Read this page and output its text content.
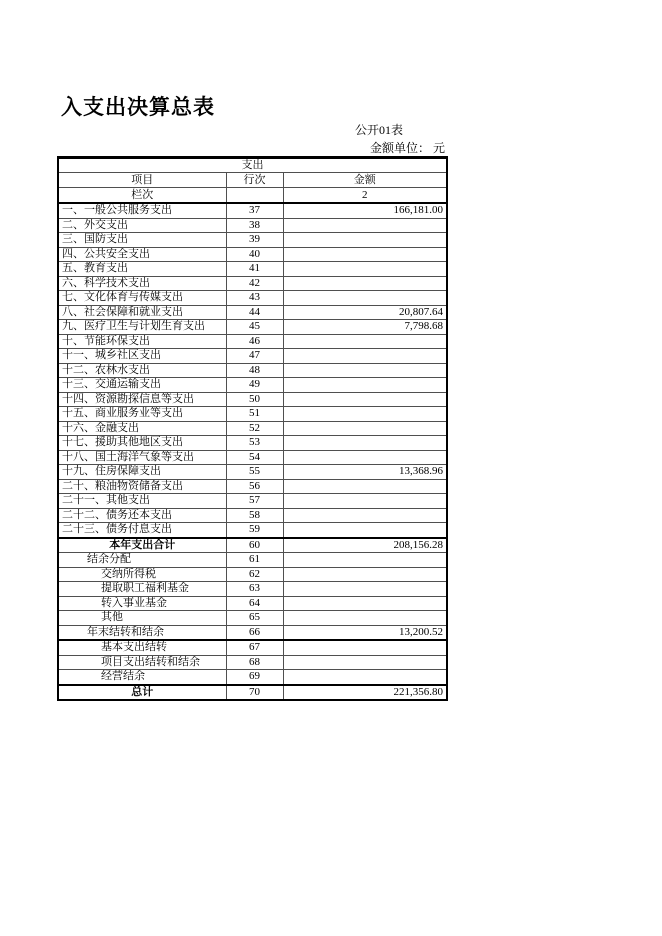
入支出决算总表
公开01表
金额单位： 元
支出		
项目	行次	金额
栏次		2
一、一般公共服务支出	37	166,181.00
二、外交支出	38	
三、国防支出	39	
四、公共安全支出	40	
五、教育支出	41	
六、科学技术支出	42	
七、文化体育与传媒支出	43	
八、社会保障和就业支出	44	20,807.64
九、医疗卫生与计划生育支出	45	7,798.68
十、节能环保支出	46	
十一、城乡社区支出	47	
十二、农林水支出	48	
十三、交通运输支出	49	
十四、资源勘探信息等支出	50	
十五、商业服务业等支出	51	
十六、金融支出	52	
十七、援助其他地区支出	53	
十八、国土海洋气象等支出	54	
十九、住房保障支出	55	13,368.96
二十、粮油物资储备支出	56	
二十一、其他支出	57	
二十二、债务还本支出	58	
二十三、债务付息支出	59	
本年支出合计	60	208,156.28
结余分配	61	
交纳所得税	62	
提取职工福利基金	63	
转入事业基金	64	
其他	65	
年末结转和结余	66	13,200.52
基本支出结转	67	
项目支出结转和结余	68	
经营结余	69	
总计	70	221,356.80
